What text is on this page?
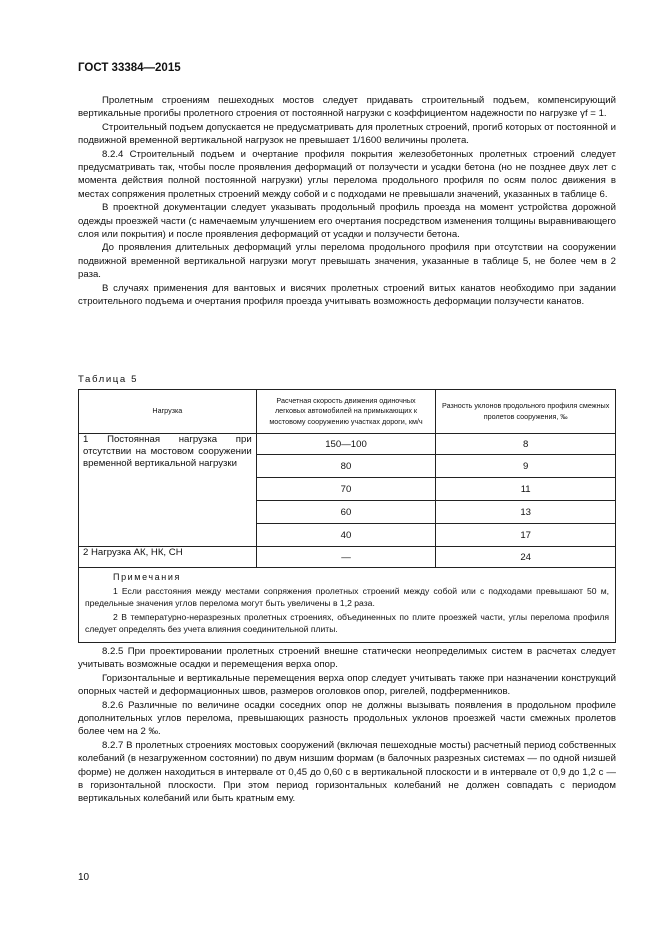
ГОСТ 33384—2015

Пролетным строениям пешеходных мостов следует придавать строительный подъем, компенсирующий вертикальные прогибы пролетного строения от постоянной нагрузки с коэффициентом надежности по нагрузке γf = 1.

Строительный подъем допускается не предусматривать для пролетных строений, прогиб которых от постоянной и подвижной временной вертикальной нагрузок не превышает 1/1600 величины пролета.

8.2.4 Строительный подъем и очертание профиля покрытия железобетонных пролетных строений следует предусматривать так, чтобы после проявления деформаций от ползучести и усадки бетона (но не позднее двух лет с момента действия полной постоянной нагрузки) углы перелома продольного профиля по осям полос движения в местах сопряжения пролетных строений между собой и с подходами не превышали значений, указанных в таблице 6.

В проектной документации следует указывать продольный профиль проезда на момент устройства дорожной одежды проезжей части (с намечаемым улучшением его очертания посредством изменения толщины выравнивающего слоя или покрытия) и после проявления деформаций от усадки и ползучести бетона.

До проявления длительных деформаций углы перелома продольного профиля при отсутствии на сооружении подвижной временной вертикальной нагрузки могут превышать значения, указанные в таблице 5, не более чем в 2 раза.

В случаях применения для вантовых и висячих пролетных строений витых канатов необходимо при задании строительного подъема и очертания профиля проезда учитывать возможность деформации ползучести канатов.

Таблица 5
Нагрузка	Расчетная скорость движения одиночных легковых автомобилей на примыкающих к мостовому сооружению участках дороги, км/ч	Разность уклонов продольного профиля смежных пролетов сооружения, ‰
1 Постоянная нагрузка при отсутствии на мостовом сооружении временной вертикальной нагрузки	150—100	8
	80	9
	70	11
	60	13
	40	17
2 Нагрузка АК, НК, СН	—	24

Примечания

1 Если расстояния между местами сопряжения пролетных строений между собой или с подходами превышают 50 м, предельные значения углов перелома могут быть увеличены в 1,2 раза.

2 В температурно-неразрезных пролетных строениях, объединенных по плите проезжей части, углы перелома профиля следует определять без учета влияния соединительной плиты.		

8.2.5 При проектировании пролетных строений внешне статически неопределимых систем в расчетах следует учитывать возможные осадки и перемещения верха опор.

Горизонтальные и вертикальные перемещения верха опор следует учитывать также при назначении конструкций опорных частей и деформационных швов, размеров оголовков опор, ригелей, подферменников.

8.2.6 Различные по величине осадки соседних опор не должны вызывать появления в продольном профиле дополнительных углов перелома, превышающих разность продольных уклонов проезжей части смежных пролетов более чем на 2 ‰.

8.2.7 В пролетных строениях мостовых сооружений (включая пешеходные мосты) расчетный период собственных колебаний (в незагруженном состоянии) по двум низшим формам (в балочных разрезных системах — по одной низшей форме) не должен находиться в интервале от 0,45 до 0,60 с в вертикальной плоскости и в интервале от 0,9 до 1,2 с — в горизонтальной плоскости. При этом период горизонтальных колебаний не должен совпадать с периодом вертикальных колебаний или быть кратным ему.

10
